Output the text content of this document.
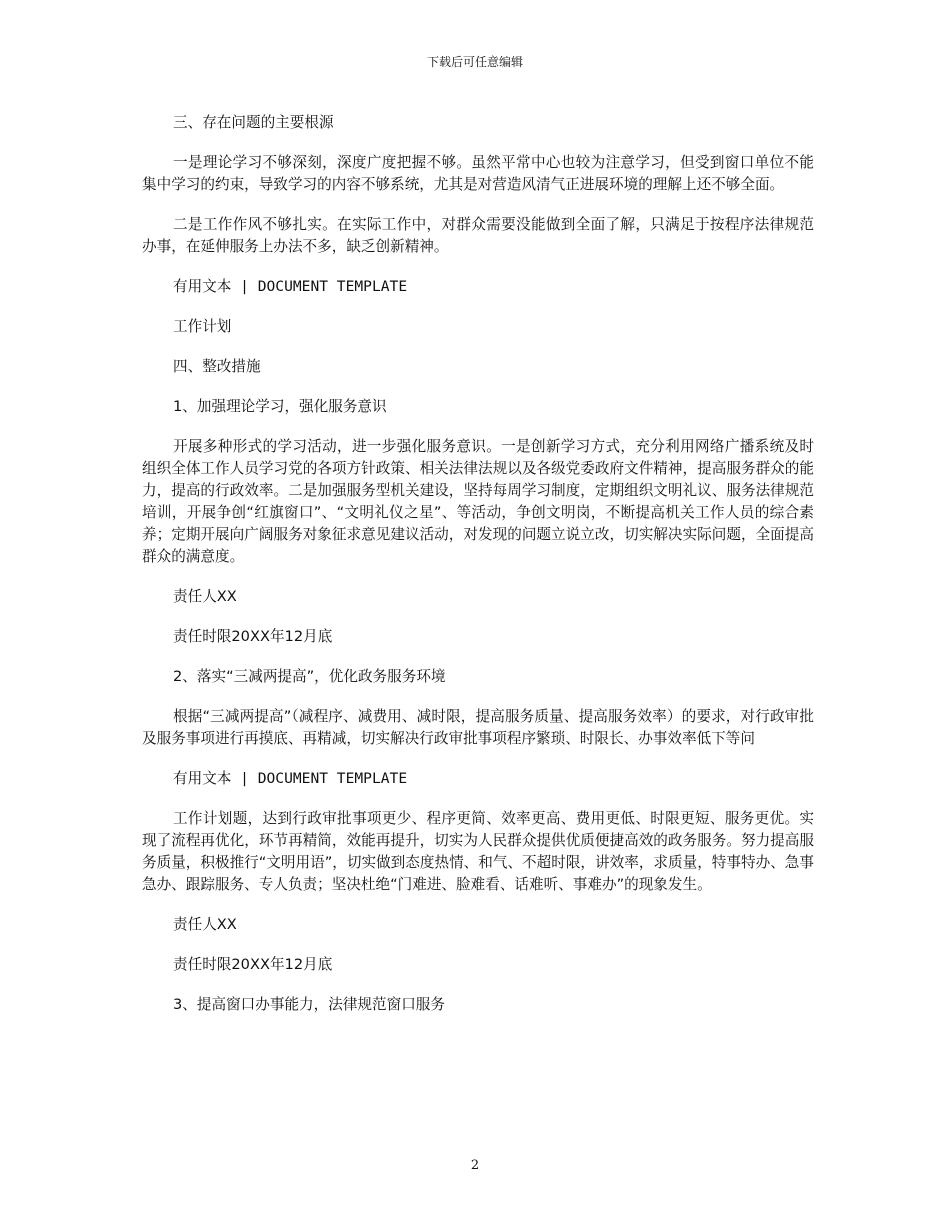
下载后可任意编辑

三、存在问题的主要根源

一是理论学习不够深刻，深度广度把握不够。虽然平常中心也较为注意学习，但受到窗口单位不能集中学习的约束，导致学习的内容不够系统，尤其是对营造风清气正进展环境的理解上还不够全面。

二是工作作风不够扎实。在实际工作中，对群众需要没能做到全面了解，只满足于按程序法律规范办事，在延伸服务上办法不多，缺乏创新精神。

有用文本 | DOCUMENT TEMPLATE

工作计划

四、整改措施

1、加强理论学习，强化服务意识

开展多种形式的学习活动，进一步强化服务意识。一是创新学习方式，充分利用网络广播系统及时组织全体工作人员学习党的各项方针政策、相关法律法规以及各级党委政府文件精神，提高服务群众的能力，提高的行政效率。二是加强服务型机关建设，坚持每周学习制度，定期组织文明礼议、服务法律规范培训，开展争创“红旗窗口”、“文明礼仪之星”、等活动，争创文明岗，不断提高机关工作人员的综合素养；定期开展向广阔服务对象征求意见建议活动，对发现的问题立说立改，切实解决实际问题，全面提高群众的满意度。

责任人XX

责任时限20XX年12月底

2、落实“三减两提高”，优化政务服务环境

根据“三减两提高”（减程序、减费用、减时限，提高服务质量、提高服务效率）的要求，对行政审批及服务事项进行再摸底、再精减，切实解决行政审批事项程序繁琐、时限长、办事效率低下等问

有用文本 | DOCUMENT TEMPLATE

工作计划题，达到行政审批事项更少、程序更简、效率更高、费用更低、时限更短、服务更优。实现了流程再优化，环节再精简，效能再提升，切实为人民群众提供优质便捷高效的政务服务。努力提高服务质量，积极推行“文明用语”，切实做到态度热情、和气、不超时限，讲效率，求质量，特事特办、急事急办、跟踪服务、专人负责；坚决杜绝“门难进、脸难看、话难听、事难办”的现象发生。

责任人XX

责任时限20XX年12月底

3、提高窗口办事能力，法律规范窗口服务

2
